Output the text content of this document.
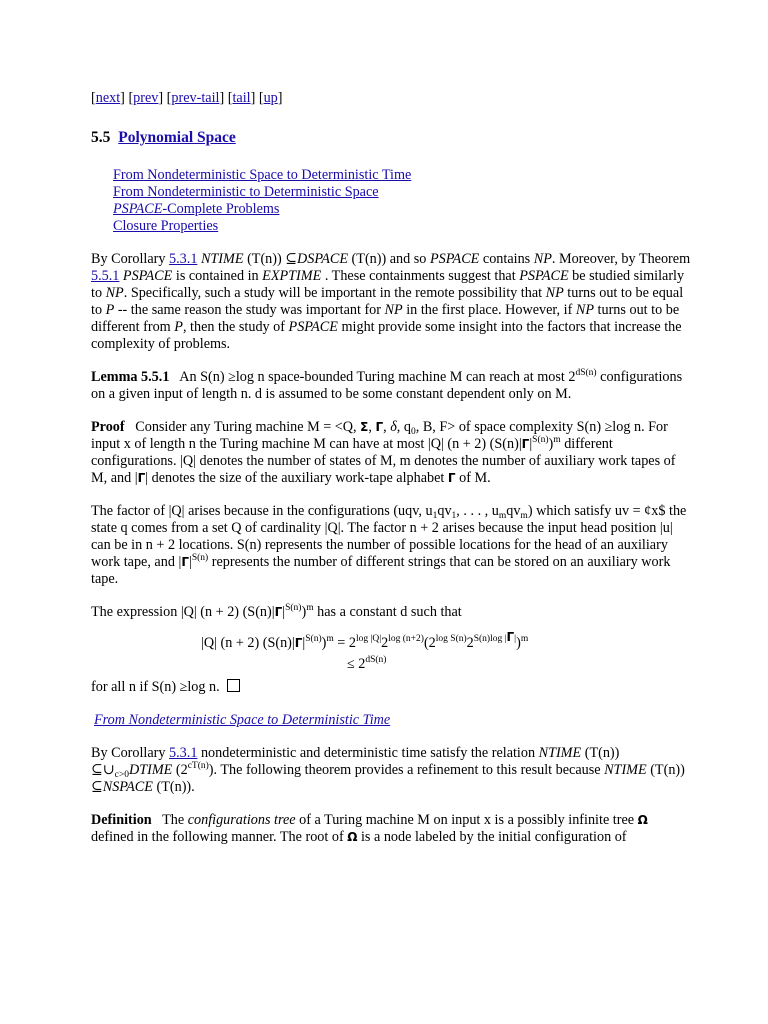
[next] [prev] [prev-tail] [tail] [up]
5.5 Polynomial Space
From Nondeterministic Space to Deterministic Time
From Nondeterministic to Deterministic Space
PSPACE-Complete Problems
Closure Properties

By Corollary 5.3.1 NTIME (T(n)) ⊆DSPACE (T(n)) and so PSPACE contains NP. Moreover, by Theorem 5.5.1 PSPACE is contained in EXPTIME . These containments suggest that PSPACE be studied similarly to NP. Specifically, such a study will be important in the remote possibility that NP turns out to be equal to P -- the same reason the study was important for NP in the first place. However, if NP turns out to be different from P, then the study of PSPACE might provide some insight into the factors that increase the complexity of problems.

Lemma 5.5.1   An S(n) ≥log n space-bounded Turing machine M can reach at most $2^{dS(n)}$ configurations on a given input of length n. d is assumed to be some constant dependent only on M.

Proof   Consider any Turing machine M = <Q, Σ, Γ, δ, $q_0$, B, F> of space complexity S(n) ≥log n. For input x of length n the Turing machine M can have at most |Q| (n + 2) $(S(n)|\Gamma|^{S(n)})^m$ different configurations. |Q| denotes the number of states of M, m denotes the number of auxiliary work tapes of M, and |Γ| denotes the size of the auxiliary work-tape alphabet Γ of M.

The factor of |Q| arises because in the configurations (uqv, $u_1qv_1$, . . . , $u_mqv_m$) which satisfy uv = ¢x$ the state q comes from a set Q of cardinality |Q|. The factor n + 2 arises because the input head position |u| can be in n + 2 locations. S(n) represents the number of possible locations for the head of an auxiliary work tape, and $|\Gamma|^{S(n)}$ represents the number of different strings that can be stored on an auxiliary work tape.

The expression |Q| (n + 2) $(S(n)|\Gamma|^{S(n)})^m$ has a constant d such that

|Q| (n + 2) $(S(n)|\Gamma|^{S(n)})^m = 2^{log |Q|}2^{log (n+2)}(2^{log S(n)}2^{S(n)log |\Gamma|})^m$
≤ $2^{dS(n)}$

for all n if S(n) ≥log n.

From Nondeterministic Space to Deterministic Time

By Corollary 5.3.1 nondeterministic and deterministic time satisfy the relation NTIME (T(n)) $⊆\cup_{c>0}DTIME$ $(2^{cT(n)})$. The following theorem provides a refinement to this result because NTIME (T(n)) ⊆NSPACE (T(n)).

Definition   The configurations tree of a Turing machine M on input x is a possibly infinite tree Ω defined in the following manner. The root of Ω is a node labeled by the initial configuration of
